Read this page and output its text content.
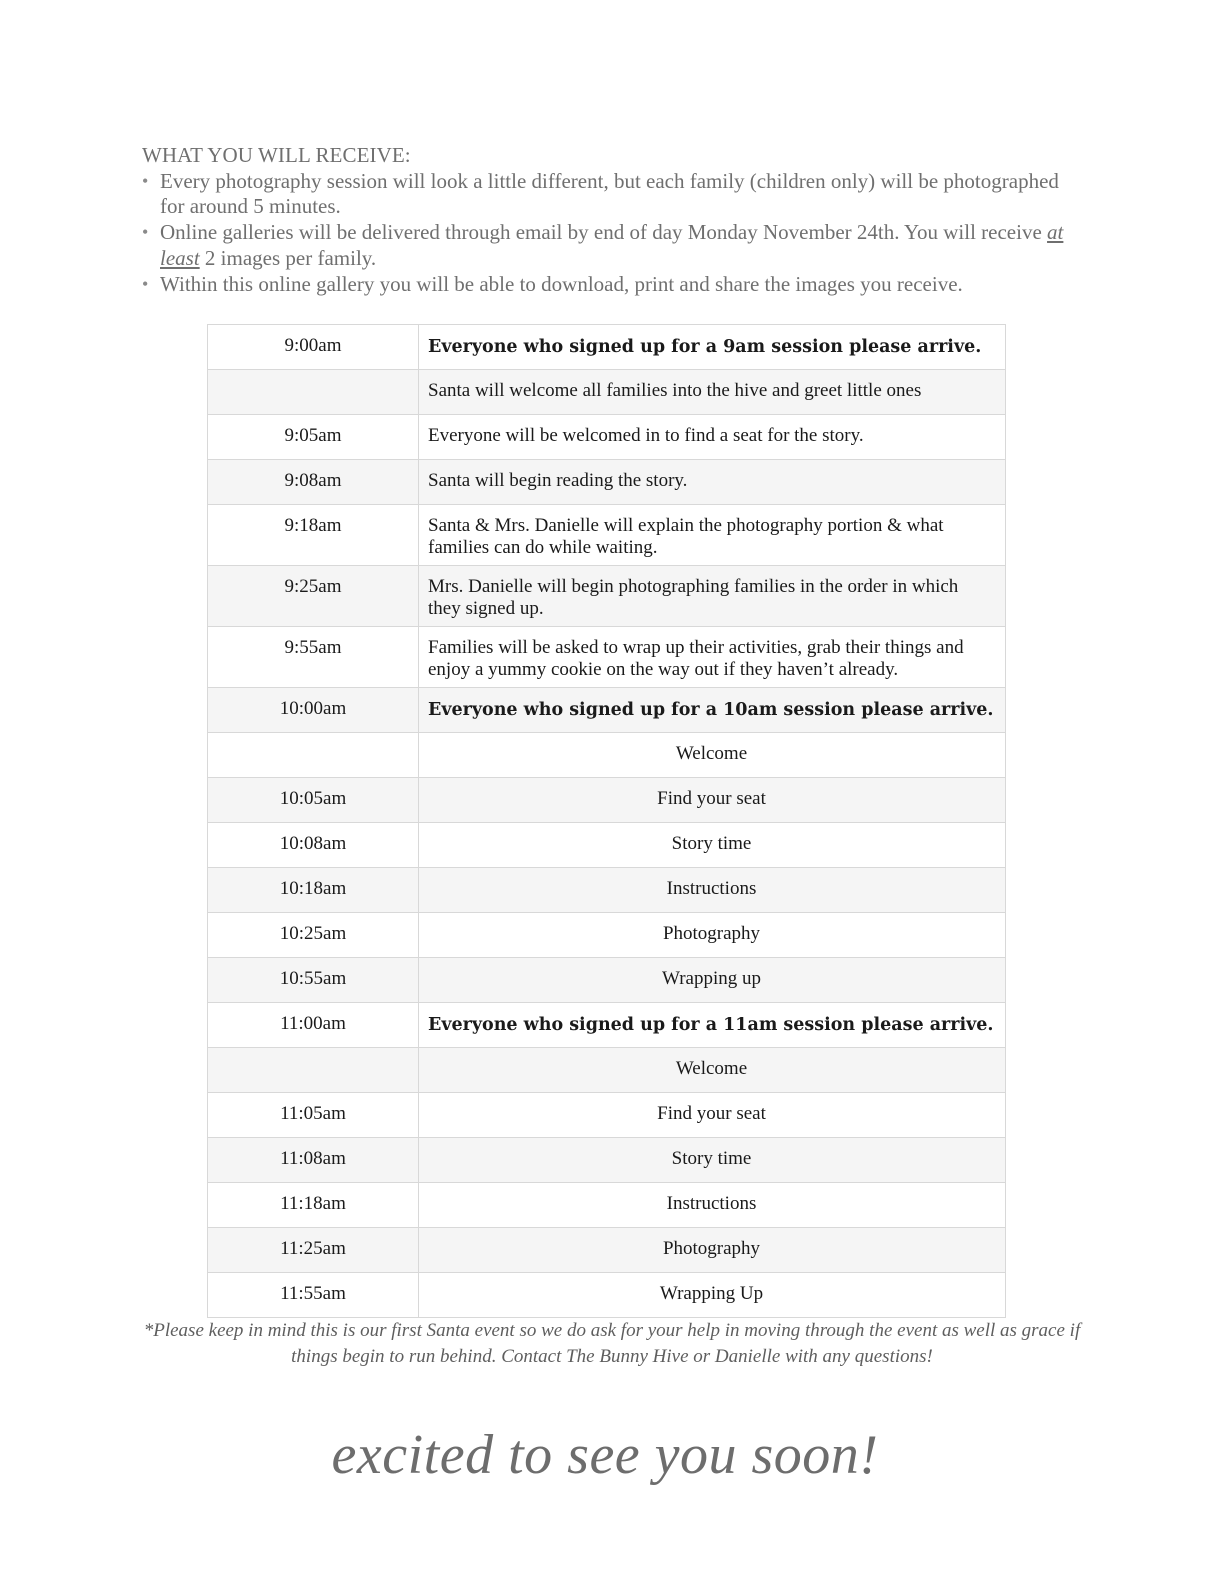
WHAT YOU WILL RECEIVE:
• Every photography session will look a little different, but each family (children only) will be photographed for around 5 minutes.
• Online galleries will be delivered through email by end of day Monday November 24th. You will receive at least 2 images per family.
• Within this online gallery you will be able to download, print and share the images you receive.
9:00am	Everyone who signed up for a 9am session please arrive.
	Santa will welcome all families into the hive and greet little ones
9:05am	Everyone will be welcomed in to find a seat for the story.
9:08am	Santa will begin reading the story.
9:18am	Santa & Mrs. Danielle will explain the photography portion & what families can do while waiting.
9:25am	Mrs. Danielle will begin photographing families in the order in which they signed up.
9:55am	Families will be asked to wrap up their activities, grab their things and enjoy a yummy cookie on the way out if they haven’t already.
10:00am	Everyone who signed up for a 10am session please arrive.
	Welcome
10:05am	Find your seat
10:08am	Story time
10:18am	Instructions
10:25am	Photography
10:55am	Wrapping up
11:00am	Everyone who signed up for a 11am session please arrive.
	Welcome
11:05am	Find your seat
11:08am	Story time
11:18am	Instructions
11:25am	Photography
11:55am	Wrapping Up

*Please keep in mind this is our first Santa event so we do ask for your help in moving through the event as well as grace if things begin to run behind. Contact The Bunny Hive or Danielle with any questions!

excited to see you soon!
